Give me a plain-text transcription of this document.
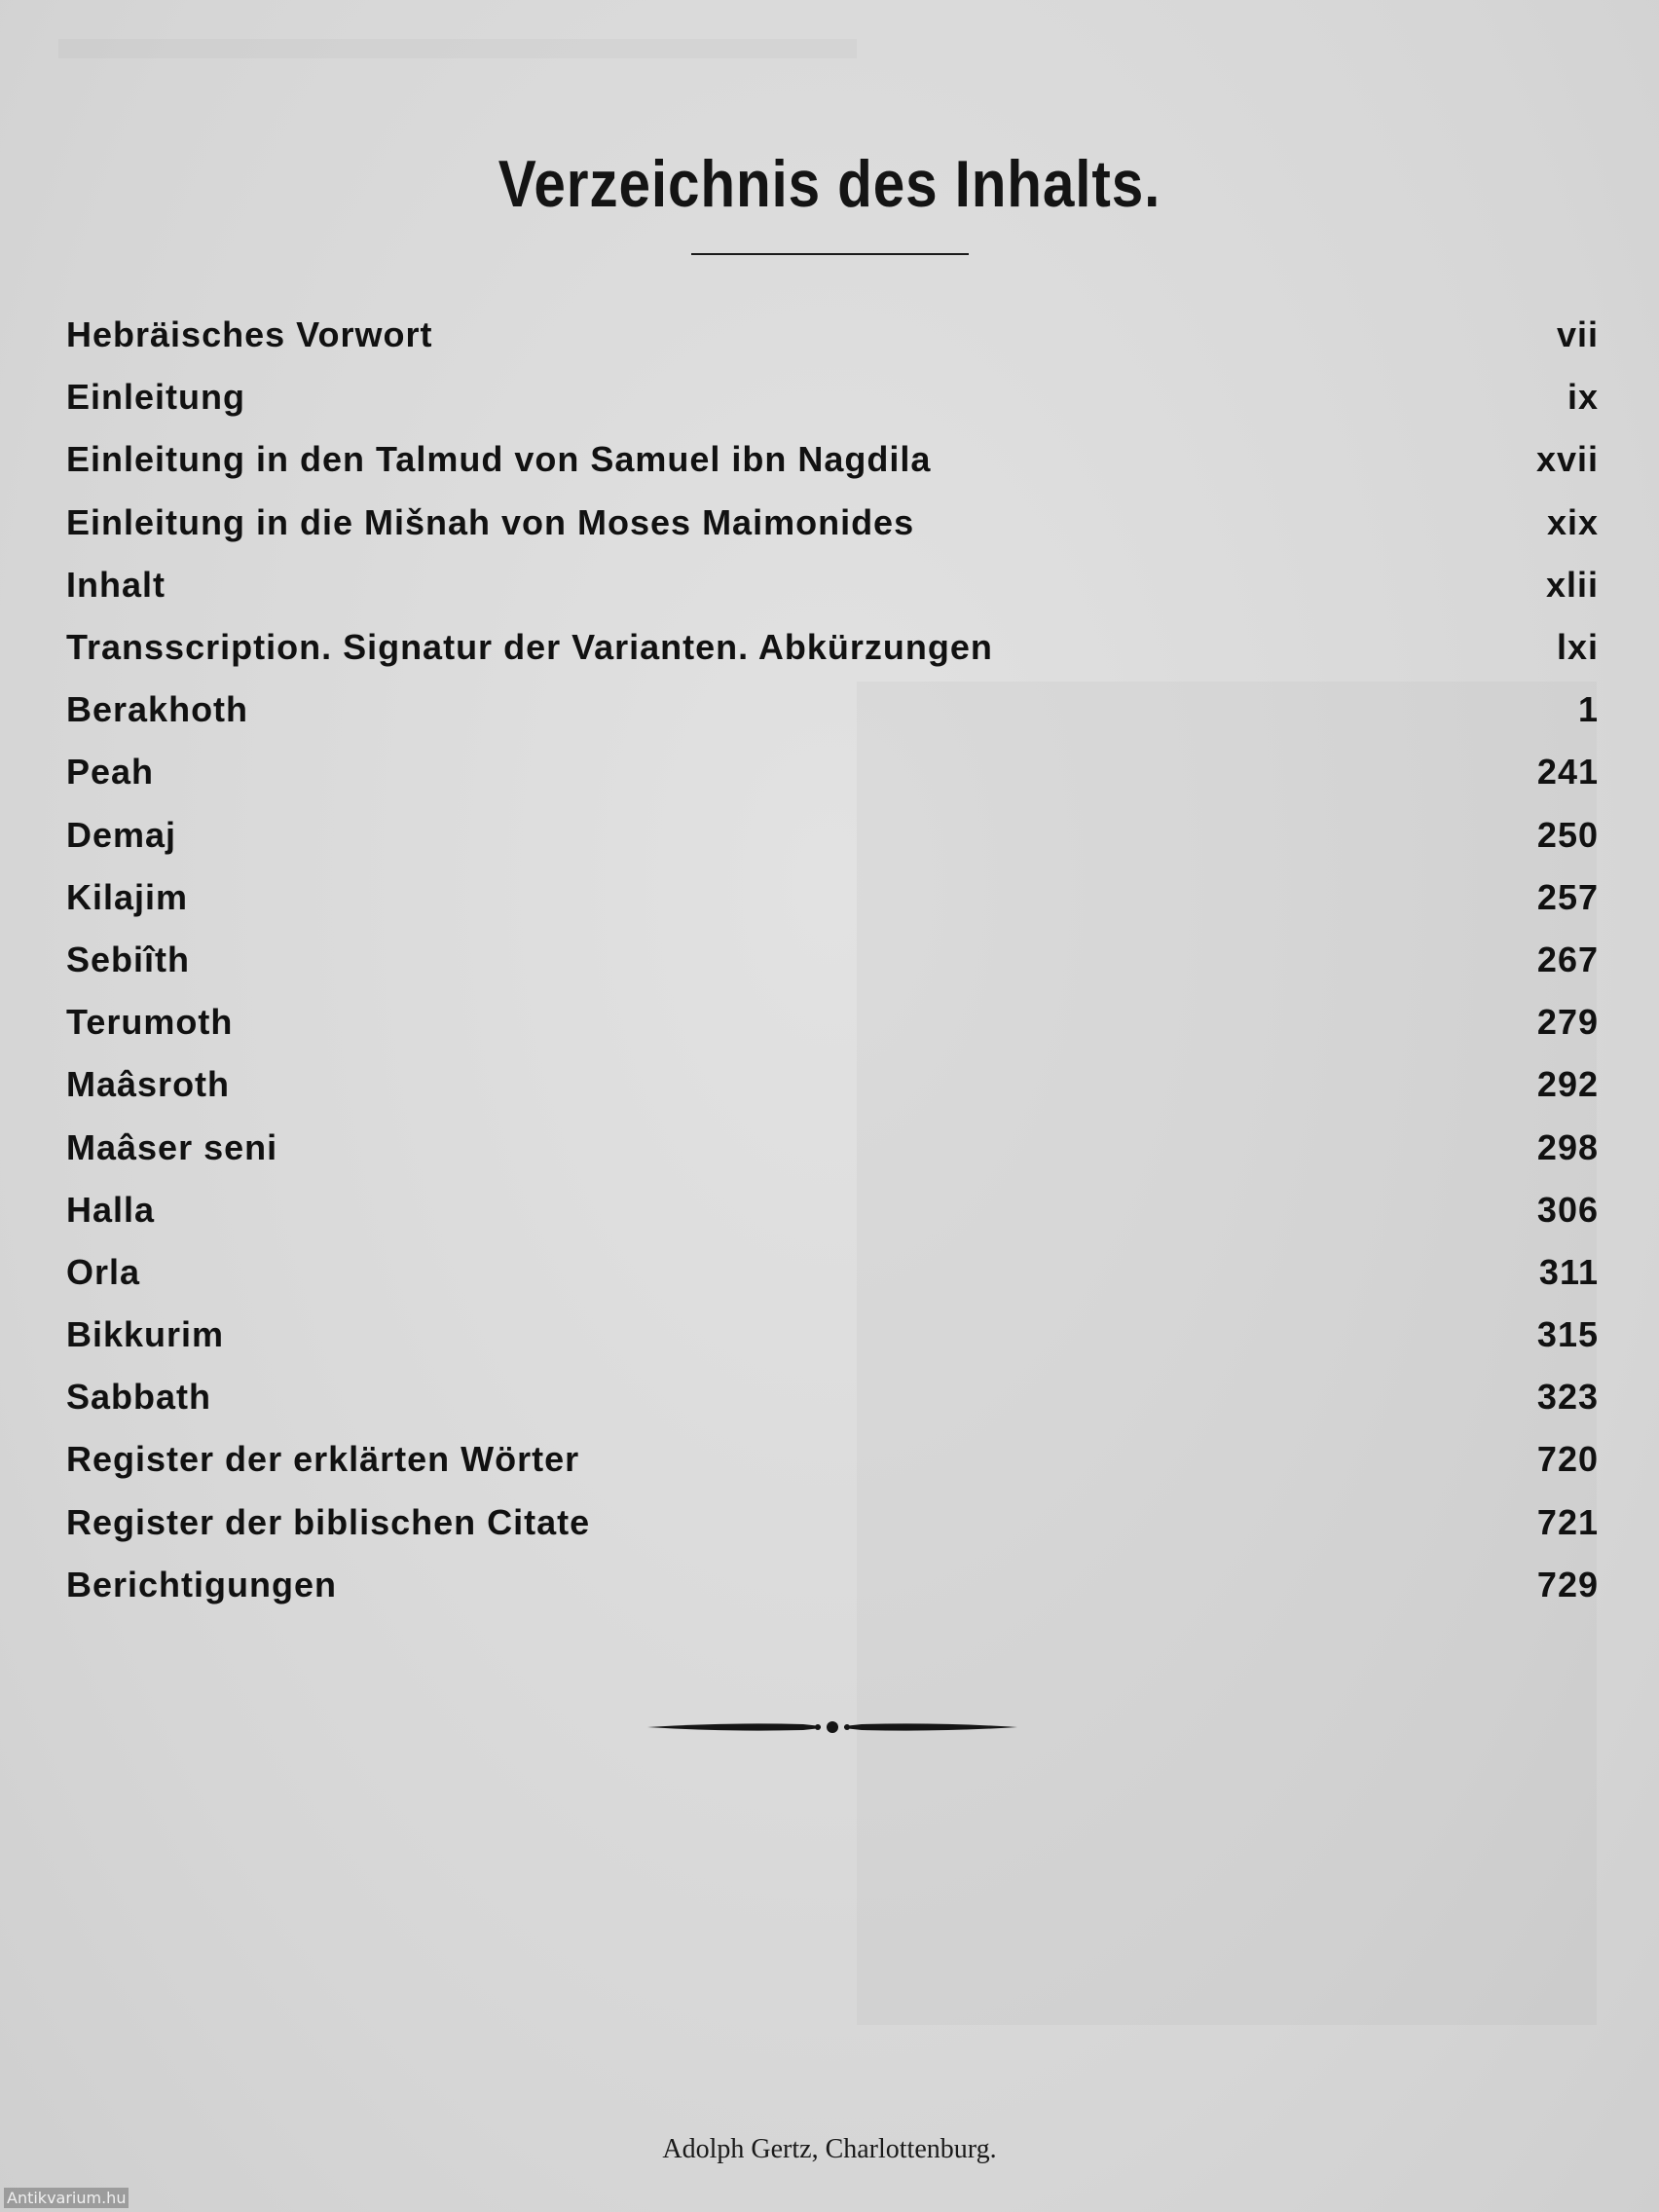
Verzeichnis des Inhalts.
Hebräisches Vorwort	vii
Einleitung	ix
Einleitung in den Talmud von Samuel ibn Nagdila	xvii
Einleitung in die Mišnah von Moses Maimonides	xix
Inhalt	xlii
Transscription. Signatur der Varianten. Abkürzungen	lxi
Berakhoth	1
Peah	241
Demaj	250
Kilajim	257
Sebiîth	267
Terumoth	279
Maâsroth	292
Maâser seni	298
Halla	306
Orla	311
Bikkurim	315
Sabbath	323
Register der erklärten Wörter	720
Register der biblischen Citate	721
Berichtigungen	729
Adolph Gertz, Charlottenburg.
Antikvarium.hu
